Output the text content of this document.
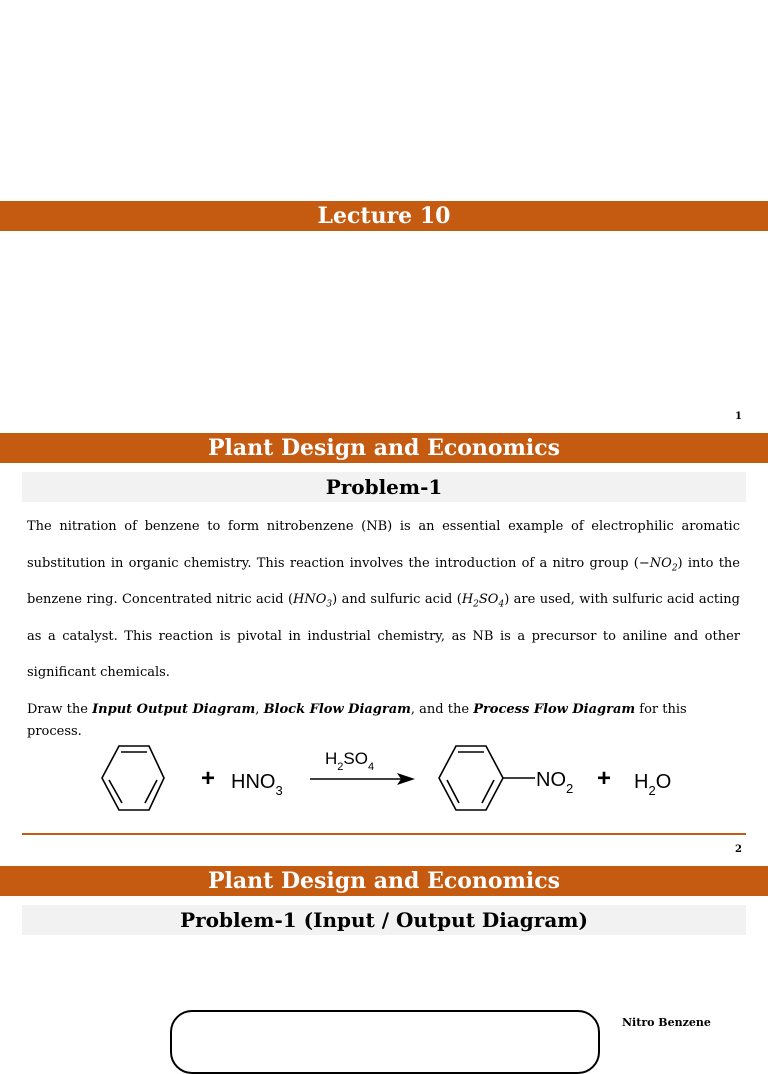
Lecture 10
1
Plant Design and Economics
Problem-1
The nitration of benzene to form nitrobenzene (NB) is an essential example of electrophilic aromatic substitution in organic chemistry. This reaction involves the introduction of a nitro group $(-NO_2)$ into the benzene ring. Concentrated nitric acid $(HNO_3)$ and sulfuric acid $(H_2SO_4)$ are used, with sulfuric acid acting as a catalyst. This reaction is pivotal in industrial chemistry, as NB is a precursor to aniline and other significant chemicals.
Draw the Input Output Diagram, Block Flow Diagram, and the Process Flow Diagram for this process.
+ $HNO_3$
$H_2SO_4$
$NO_2 + H_2O$
2
Plant Design and Economics
Problem-1 (Input / Output Diagram)
Nitro Benzene
